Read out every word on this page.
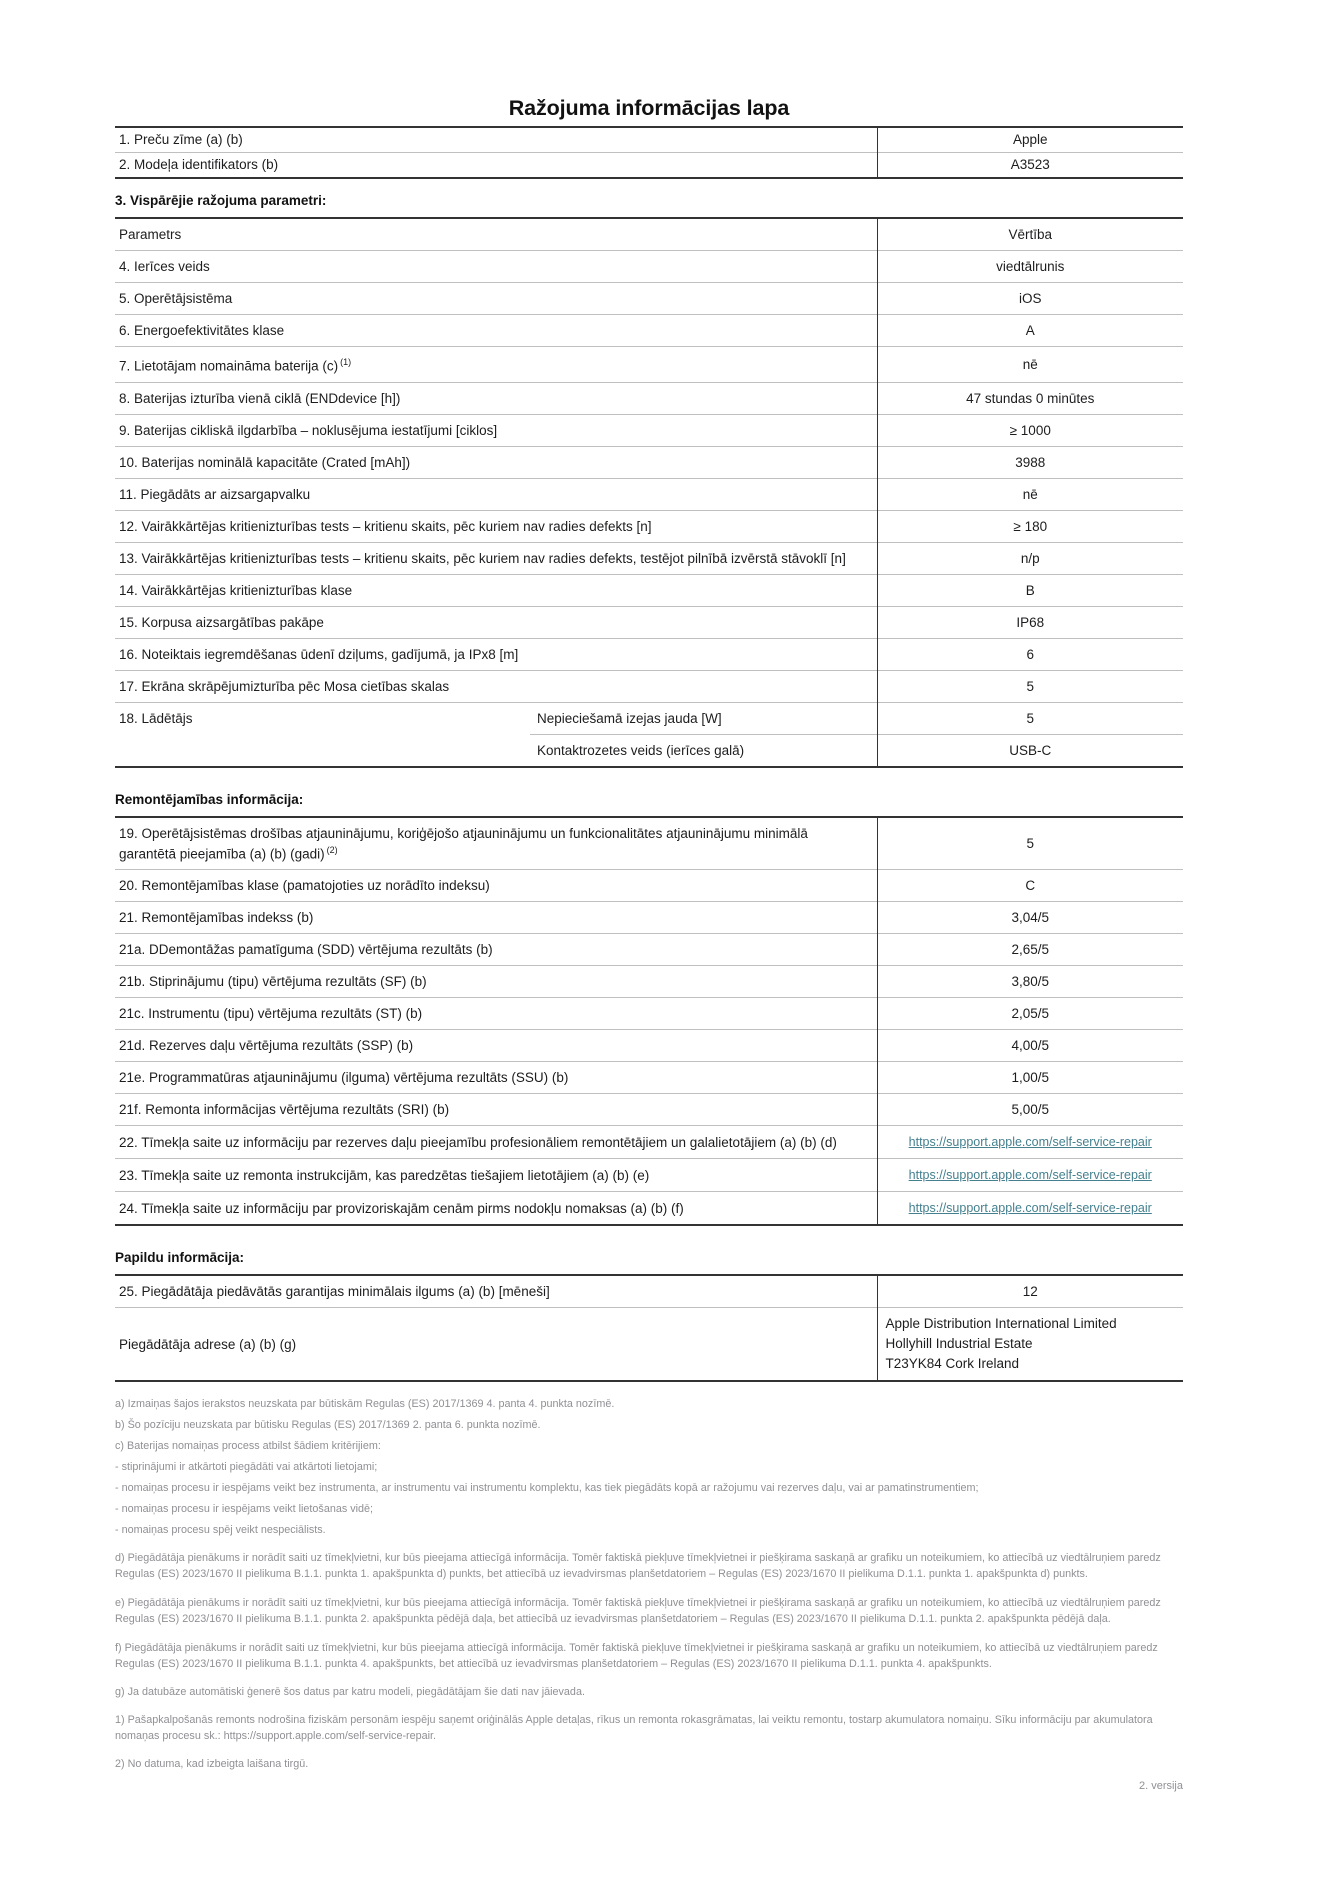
Ražojuma informācijas lapa
1. Preču zīme (a) (b)	Apple
2. Modeļa identifikators (b)	A3523
3. Vispārējie ražojuma parametri:
Parametrs		Vērtība
4. Ierīces veids		viedtālrunis
5. Operētājsistēma		iOS
6. Energoefektivitātes klase		A
7. Lietotājam nomaināma baterija (c) $^{(1)}$		nē
8. Baterijas izturība vienā ciklā (ENDdevice [h])		47 stundas 0 minūtes
9. Baterijas cikliskā ilgdarbība – noklusējuma iestatījumi [ciklos]		≥ 1000
10. Baterijas nominālā kapacitāte (Crated [mAh])		3988
11. Piegādāts ar aizsargapvalku		nē
12. Vairākkārtējas kritienizturības tests – kritienu skaits, pēc kuriem nav radies defekts [n]		≥ 180
13. Vairākkārtējas kritienizturības tests – kritienu skaits, pēc kuriem nav radies defekts, testējot pilnībā izvērstā stāvoklī [n]		n/p
14. Vairākkārtējas kritienizturības klase		B
15. Korpusa aizsargātības pakāpe		IP68
16. Noteiktais iegremdēšanas ūdenī dziļums, gadījumā, ja IPx8 [m]		6
17. Ekrāna skrāpējumizturība pēc Mosa cietības skalas		5
18. Lādētājs	Nepieciešamā izejas jauda [W]	5
	Kontaktrozetes veids (ierīces galā)	USB-C
Remontējamības informācija:
19. Operētājsistēmas drošības atjauninājumu, koriģējošo atjauninājumu un funkcionalitātes atjauninājumu minimālā garantētā pieejamība (a) (b) (gadi) $^{(2)}$	5
20. Remontējamības klase (pamatojoties uz norādīto indeksu)	C
21. Remontējamības indekss (b)	3,04/5
21a. DDemontāžas pamatīguma (SDD) vērtējuma rezultāts (b)	2,65/5
21b. Stiprinājumu (tipu) vērtējuma rezultāts (SF) (b)	3,80/5
21c. Instrumentu (tipu) vērtējuma rezultāts (ST) (b)	2,05/5
21d. Rezerves daļu vērtējuma rezultāts (SSP) (b)	4,00/5
21e. Programmatūras atjauninājumu (ilguma) vērtējuma rezultāts (SSU) (b)	1,00/5
21f. Remonta informācijas vērtējuma rezultāts (SRI) (b)	5,00/5
22. Tīmekļa saite uz informāciju par rezerves daļu pieejamību profesionāliem remontētājiem un galalietotājiem (a) (b) (d)	https://support.apple.com/self-service-repair
23. Tīmekļa saite uz remonta instrukcijām, kas paredzētas tiešajiem lietotājiem (a) (b) (e)	https://support.apple.com/self-service-repair
24. Tīmekļa saite uz informāciju par provizoriskajām cenām pirms nodokļu nomaksas (a) (b) (f)	https://support.apple.com/self-service-repair
Papildu informācija:
25. Piegādātāja piedāvātās garantijas minimālais ilgums (a) (b) [mēneši]	12
Piegādātāja adrese (a) (b) (g)	Apple Distribution International Limited
Hollyhill Industrial Estate
T23YK84 Cork Ireland
a) Izmaiņas šajos ierakstos neuzskata par būtiskām Regulas (ES) 2017/1369 4. panta 4. punkta nozīmē.
b) Šo pozīciju neuzskata par būtisku Regulas (ES) 2017/1369 2. panta 6. punkta nozīmē.
c) Baterijas nomaiņas process atbilst šādiem kritērijiem:
- stiprinājumi ir atkārtoti piegādāti vai atkārtoti lietojami;
- nomaiņas procesu ir iespējams veikt bez instrumenta, ar instrumentu vai instrumentu komplektu, kas tiek piegādāts kopā ar ražojumu vai rezerves daļu, vai ar pamatinstrumentiem;
- nomaiņas procesu ir iespējams veikt lietošanas vidē;
- nomaiņas procesu spēj veikt nespeciālists.
d) Piegādātāja pienākums ir norādīt saiti uz tīmekļvietni, kur būs pieejama attiecīgā informācija. Tomēr faktiskā piekļuve tīmekļvietnei ir piešķirama saskaņā ar grafiku un noteikumiem, ko attiecībā uz viedtālruņiem paredz Regulas (ES) 2023/1670 II pielikuma B.1.1. punkta 1. apakšpunkta d) punkts, bet attiecībā uz ievadvirsmas planšetdatoriem – Regulas (ES) 2023/1670 II pielikuma D.1.1. punkta 1. apakšpunkta d) punkts.
e) Piegādātāja pienākums ir norādīt saiti uz tīmekļvietni, kur būs pieejama attiecīgā informācija. Tomēr faktiskā piekļuve tīmekļvietnei ir piešķirama saskaņā ar grafiku un noteikumiem, ko attiecībā uz viedtālruņiem paredz Regulas (ES) 2023/1670 II pielikuma B.1.1. punkta 2. apakšpunkta pēdējā daļa, bet attiecībā uz ievadvirsmas planšetdatoriem – Regulas (ES) 2023/1670 II pielikuma D.1.1. punkta 2. apakšpunkta pēdējā daļa.
f) Piegādātāja pienākums ir norādīt saiti uz tīmekļvietni, kur būs pieejama attiecīgā informācija. Tomēr faktiskā piekļuve tīmekļvietnei ir piešķirama saskaņā ar grafiku un noteikumiem, ko attiecībā uz viedtālruņiem paredz Regulas (ES) 2023/1670 II pielikuma B.1.1. punkta 4. apakšpunkts, bet attiecībā uz ievadvirsmas planšetdatoriem – Regulas (ES) 2023/1670 II pielikuma D.1.1. punkta 4. apakšpunkts.
g) Ja datubāze automātiski ģenerē šos datus par katru modeli, piegādātājam šie dati nav jāievada.
1) Pašapkalpošanās remonts nodrošina fiziskām personām iespēju saņemt oriģinālās Apple detaļas, rīkus un remonta rokasgrāmatas, lai veiktu remontu, tostarp akumulatora nomaiņu. Sīku informāciju par akumulatora nomaņas procesu sk.: https://support.apple.com/self-service-repair.
2) No datuma, kad izbeigta laišana tirgū.
2. versija
